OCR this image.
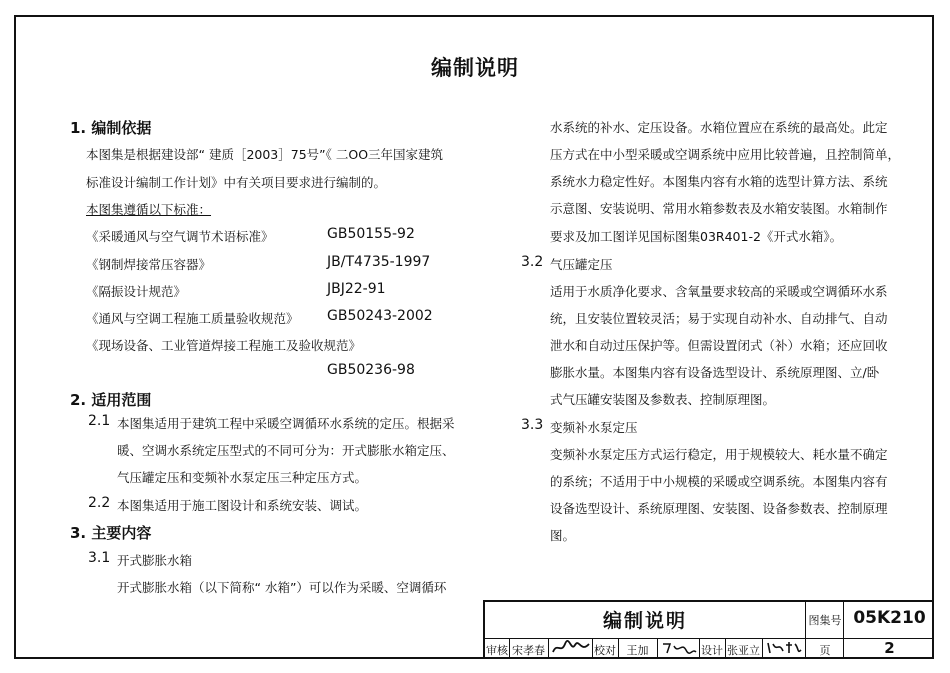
编制说明
1. 编制依据
本图集是根据建设部“ 建质［2003］75号”《 二OO三年国家建筑
标准设计编制工作计划》中有关项目要求进行编制的。
本图集遵循以下标准：
《采暖通风与空气调节术语标准》	GB50155-92
《钢制焊接常压容器》	JB/T4735-1997
《隔振设计规范》	JBJ22-91
《通风与空调工程施工质量验收规范》 GB50243-2002
《现场设备、工业管道焊接工程施工及验收规范》
GB50236-98
2. 适用范围
2.1 本图集适用于建筑工程中采暖空调循环水系统的定压。根据采
暖、空调水系统定压型式的不同可分为：开式膨胀水箱定压、
气压罐定压和变频补水泵定压三种定压方式。
2.2 本图集适用于施工图设计和系统安装、调试。
3. 主要内容
3.1 开式膨胀水箱
开式膨胀水箱（以下简称“ 水箱”）可以作为采暖、空调循环
水系统的补水、定压设备。水箱位置应在系统的最高处。此定
压方式在中小型采暖或空调系统中应用比较普遍，且控制简单，
系统水力稳定性好。本图集内容有水箱的选型计算方法、系统
示意图、安装说明、常用水箱参数表及水箱安装图。水箱制作
要求及加工图详见国标图集03R401-2《开式水箱》。
3.2 气压罐定压
适用于水质净化要求、含氧量要求较高的采暖或空调循环水系
统，且安装位置较灵活；易于实现自动补水、自动排气、自动
泄水和自动过压保护等。但需设置闭式（补）水箱；还应回收
膨胀水量。本图集内容有设备选型设计、系统原理图、立/卧
式气压罐安装图及参数表、控制原理图。
3.3 变频补水泵定压
变频补水泵定压方式运行稳定，用于规模较大、耗水量不确定
的系统；不适用于中小规模的采暖或空调系统。本图集内容有
设备选型设计、系统原理图、安装图、设备参数表、控制原理
图。
编制说明	图集号 05K210
页	2
审核 宋孝春	校对 王加	设计 张亚立
